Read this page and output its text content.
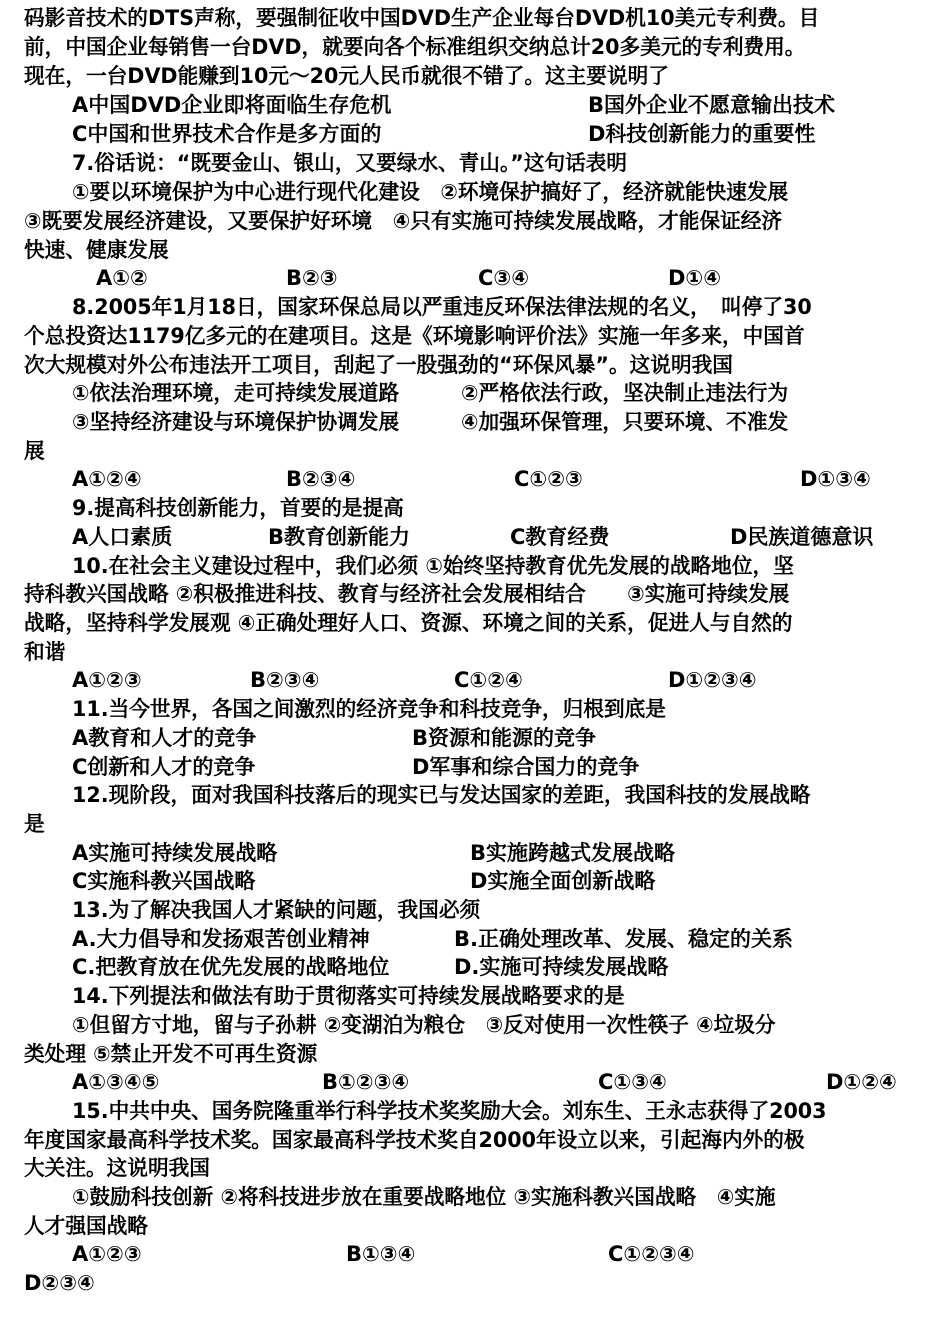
码影音技术的DTS声称，要强制征收中国DVD生产企业每台DVD机10美元专利费。目
前，中国企业每销售一台DVD，就要向各个标准组织交纳总计20多美元的专利费用。
现在，一台DVD能赚到10元～20元人民币就很不错了。这主要说明了
A中国DVD企业即将面临生存危机	B国外企业不愿意输出技术
C中国和世界技术合作是多方面的	D科技创新能力的重要性
7.俗话说：“既要金山、银山，又要绿水、青山。”这句话表明
①要以环境保护为中心进行现代化建设　②环境保护搞好了，经济就能快速发展
③既要发展经济建设，又要保护好环境　④只有实施可持续发展战略，才能保证经济
快速、健康发展
A①②	B②③	C③④	D①④
8.2005年1月18日，国家环保总局以严重违反环保法律法规的名义，　叫停了30
个总投资达1179亿多元的在建项目。这是《环境影响评价法》实施一年多来，中国首
次大规模对外公布违法开工项目，刮起了一股强劲的“环保风暴”。这说明我国
①依法治理环境，走可持续发展道路　　　②严格依法行政，坚决制止违法行为
③坚持经济建设与环境保护协调发展　　　④加强环保管理，只要环境、不准发
展
A①②④	B②③④	C①②③	D①③④
9.提高科技创新能力，首要的是提高
A人口素质	B教育创新能力	C教育经费	D民族道德意识
10.在社会主义建设过程中，我们必须 ①始终坚持教育优先发展的战略地位，坚
持科教兴国战略 ②积极推进科技、教育与经济社会发展相结合　　③实施可持续发展
战略，坚持科学发展观 ④正确处理好人口、资源、环境之间的关系，促进人与自然的
和谐
A①②③	B②③④	C①②④	D①②③④
11.当今世界，各国之间激烈的经济竞争和科技竞争，归根到底是
A教育和人才的竞争	B资源和能源的竞争
C创新和人才的竞争	D军事和综合国力的竞争
12.现阶段，面对我国科技落后的现实已与发达国家的差距，我国科技的发展战略
是
A实施可持续发展战略	B实施跨越式发展战略
C实施科教兴国战略	D实施全面创新战略
13.为了解决我国人才紧缺的问题，我国必须
A.大力倡导和发扬艰苦创业精神	B.正确处理改革、发展、稳定的关系
C.把教育放在优先发展的战略地位	D.实施可持续发展战略
14.下列提法和做法有助于贯彻落实可持续发展战略要求的是
①但留方寸地，留与子孙耕 ②变湖泊为粮仓　③反对使用一次性筷子 ④垃圾分
类处理 ⑤禁止开发不可再生资源
A①③④⑤	B①②③④	C①③④	D①②④
15.中共中央、国务院隆重举行科学技术奖奖励大会。刘东生、王永志获得了2003
年度国家最高科学技术奖。国家最高科学技术奖自2000年设立以来，引起海内外的极
大关注。这说明我国
①鼓励科技创新 ②将科技进步放在重要战略地位 ③实施科教兴国战略　④实施
人才强国战略
A①②③	B①③④	C①②③④
D②③④
